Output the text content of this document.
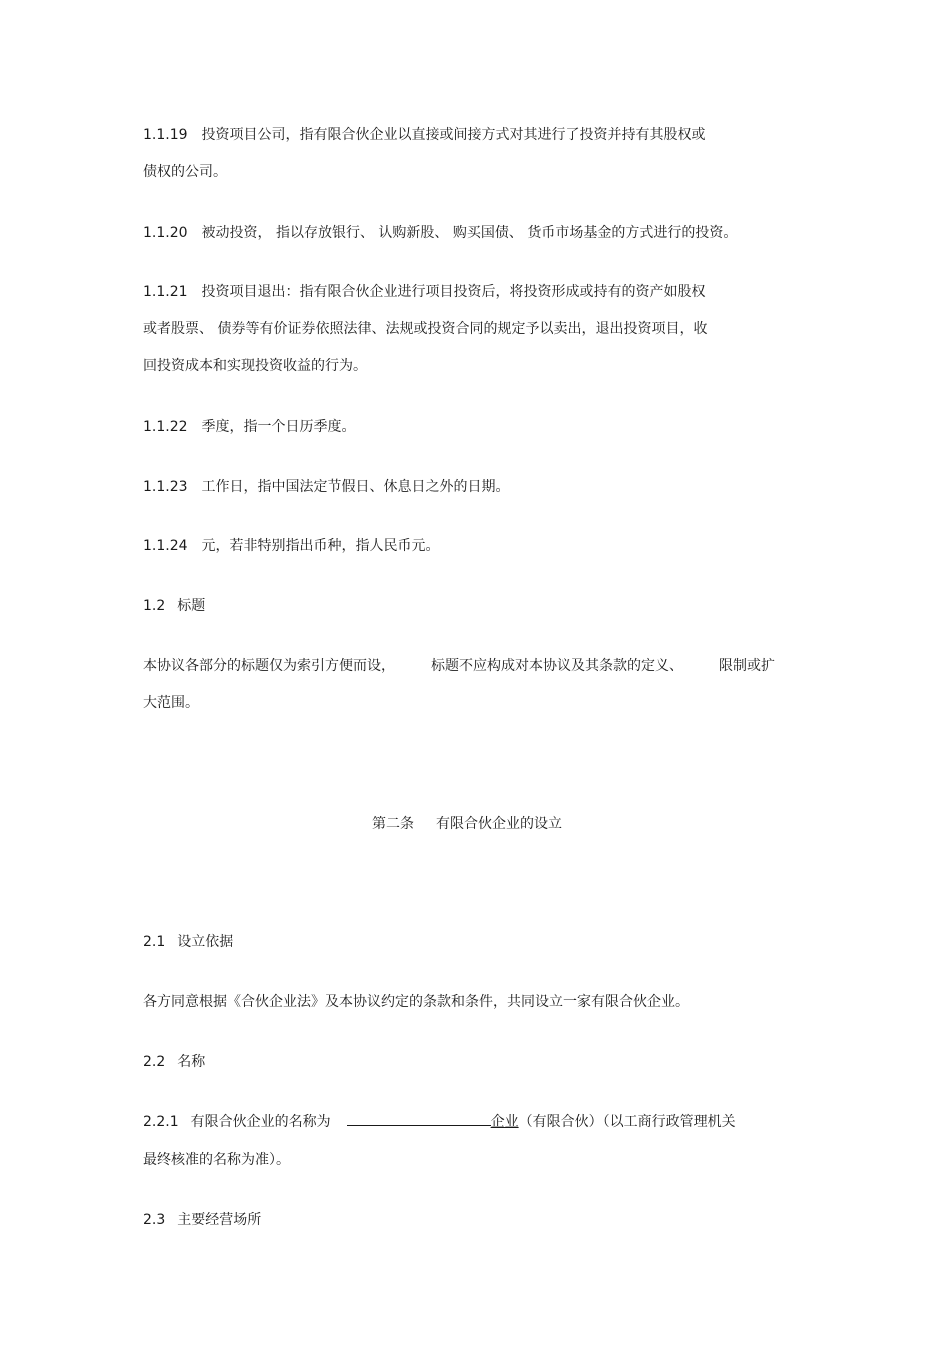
1.1.19 投资项目公司，指有限合伙企业以直接或间接方式对其进行了投资并持有其股权或
债权的公司。
1.1.20 被动投资， 指以存放银行、 认购新股、 购买国债、 货币市场基金的方式进行的投资。
1.1.21 投资项目退出：指有限合伙企业进行项目投资后，将投资形成或持有的资产如股权
或者股票、 债券等有价证券依照法律、法规或投资合同的规定予以卖出，退出投资项目，收
回投资成本和实现投资收益的行为。
1.1.22 季度，指一个日历季度。
1.1.23 工作日，指中国法定节假日、休息日之外的日期。
1.1.24 元，若非特别指出币种，指人民币元。
1.2 标题
本协议各部分的标题仅为索引方便而设，	标题不应构成对本协议及其条款的定义、	限制或扩
大范围。
第二条 有限合伙企业的设立
2.1 设立依据
各方同意根据《合伙企业法》及本协议约定的条款和条件，共同设立一家有限合伙企业。
2.2 名称
2.2.1 有限合伙企业的名称为	企业（有限合伙）（以工商行政管理机关
最终核准的名称为准）。
2.3 主要经营场所
